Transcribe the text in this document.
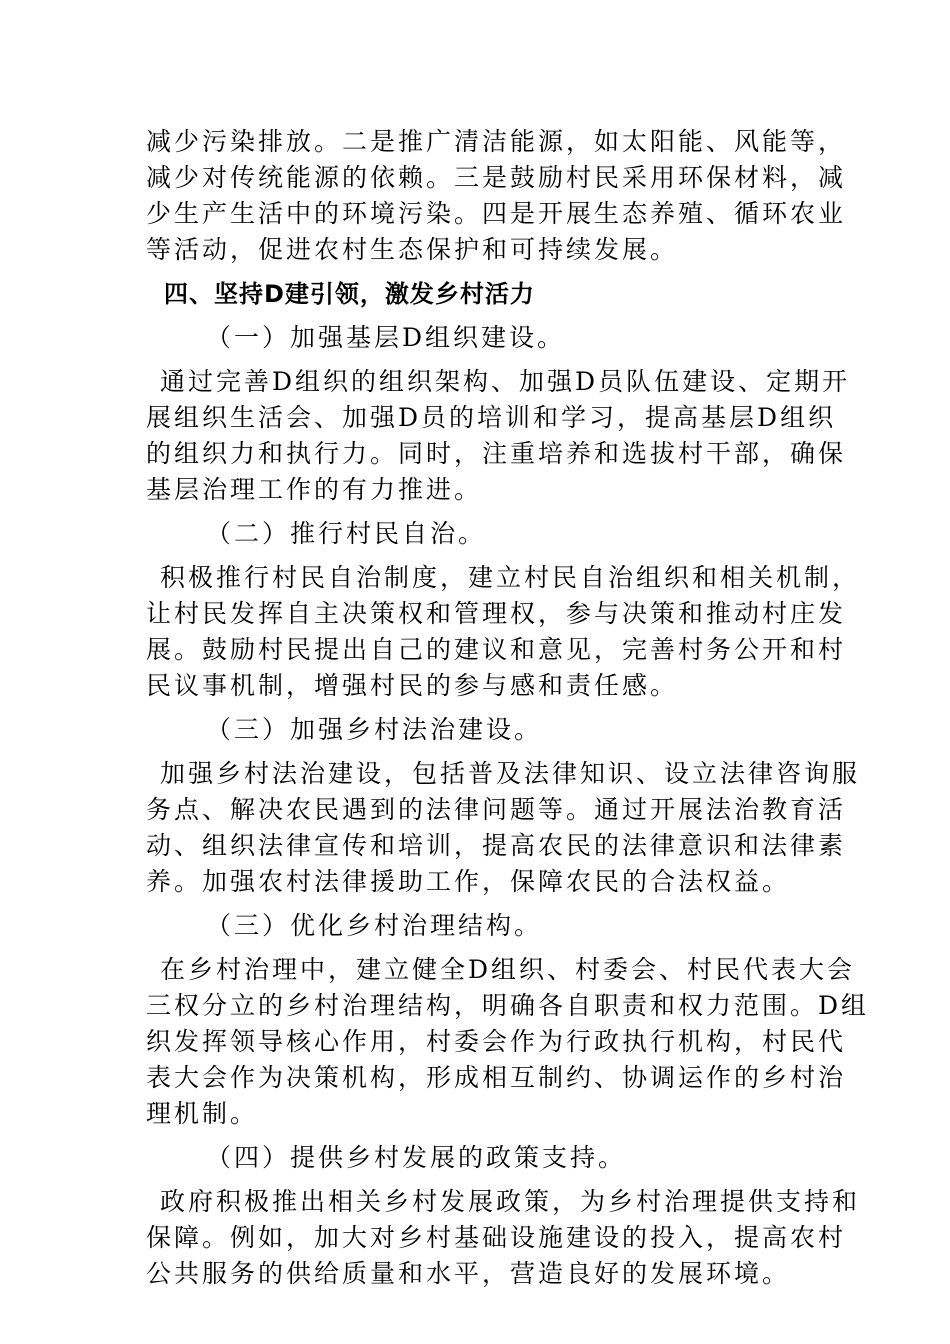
减少污染排放。二是推广清洁能源，如太阳能、风能等，
减少对传统能源的依赖。三是鼓励村民采用环保材料，减
少生产生活中的环境污染。四是开展生态养殖、循环农业
等活动，促进农村生态保护和可持续发展。
四、坚持D建引领，激发乡村活力
（一）加强基层D组织建设。
通过完善D组织的组织架构、加强D员队伍建设、定期开
展组织生活会、加强D员的培训和学习，提高基层D组织
的组织力和执行力。同时，注重培养和选拔村干部，确保
基层治理工作的有力推进。
（二）推行村民自治。
积极推行村民自治制度，建立村民自治组织和相关机制，
让村民发挥自主决策权和管理权，参与决策和推动村庄发
展。鼓励村民提出自己的建议和意见，完善村务公开和村
民议事机制，增强村民的参与感和责任感。
（三）加强乡村法治建设。
加强乡村法治建设，包括普及法律知识、设立法律咨询服
务点、解决农民遇到的法律问题等。通过开展法治教育活
动、组织法律宣传和培训，提高农民的法律意识和法律素
养。加强农村法律援助工作，保障农民的合法权益。
（三）优化乡村治理结构。
在乡村治理中，建立健全D组织、村委会、村民代表大会
三权分立的乡村治理结构，明确各自职责和权力范围。D组
织发挥领导核心作用，村委会作为行政执行机构，村民代
表大会作为决策机构，形成相互制约、协调运作的乡村治
理机制。
（四）提供乡村发展的政策支持。
政府积极推出相关乡村发展政策，为乡村治理提供支持和
保障。例如，加大对乡村基础设施建设的投入，提高农村
公共服务的供给质量和水平，营造良好的发展环境。
